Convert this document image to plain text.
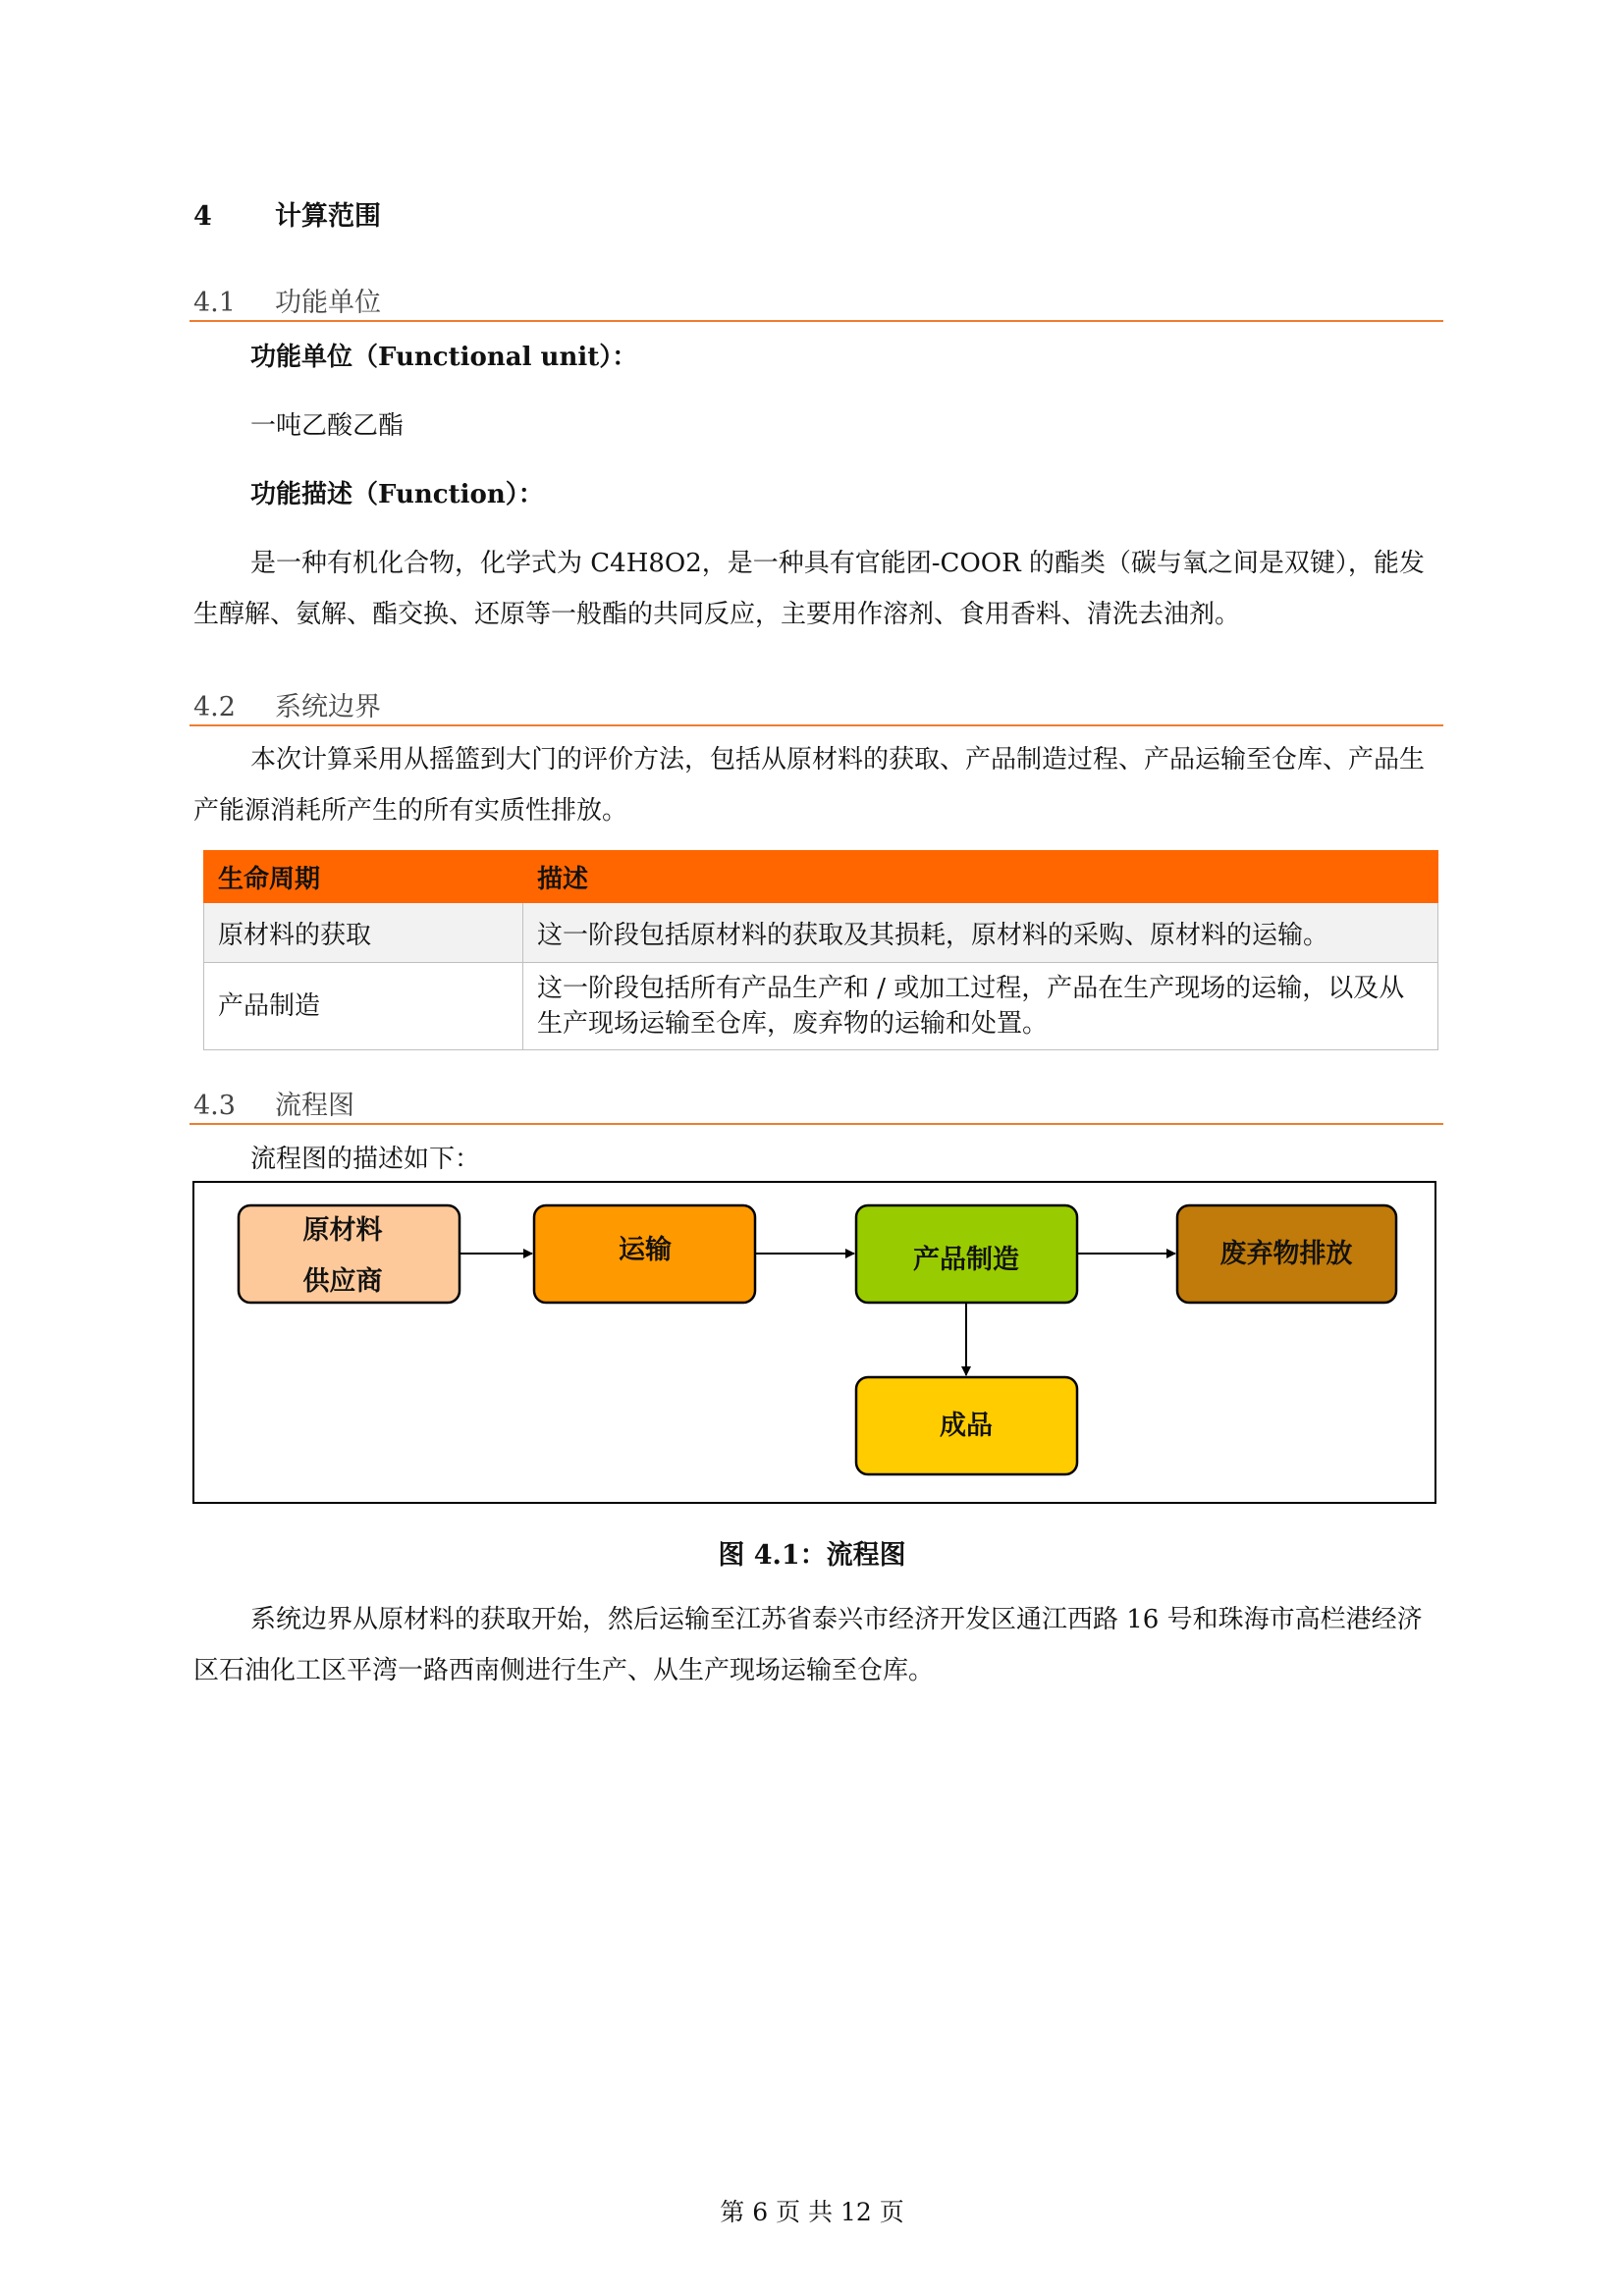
4 计算范围
4.1 功能单位
功能单位（Functional unit）：
一吨乙酸乙酯
功能描述（Function）：
是一种有机化合物，化学式为 C4H8O2，是一种具有官能团-COOR 的酯类（碳与氧之间是双键），能发生醇解、氨解、酯交换、还原等一般酯的共同反应，主要用作溶剂、食用香料、清洗去油剂。
4.2 系统边界
本次计算采用从摇篮到大门的评价方法，包括从原材料的获取、产品制造过程、产品运输至仓库、产品生产能源消耗所产生的所有实质性排放。
生命周期	描述
原材料的获取	这一阶段包括原材料的获取及其损耗，原材料的采购、原材料的运输。
产品制造	这一阶段包括所有产品生产和 / 或加工过程，产品在生产现场的运输，以及从生产现场运输至仓库，废弃物的运输和处置。
4.3 流程图
流程图的描述如下：
原材料
供应商
运输	产品制造	废弃物排放
成品
图 4.1：流程图
系统边界从原材料的获取开始，然后运输至江苏省泰兴市经济开发区通江西路 16 号和珠海市高栏港经济区石油化工区平湾一路西南侧进行生产、从生产现场运输至仓库。
第 6 页 共 12 页
